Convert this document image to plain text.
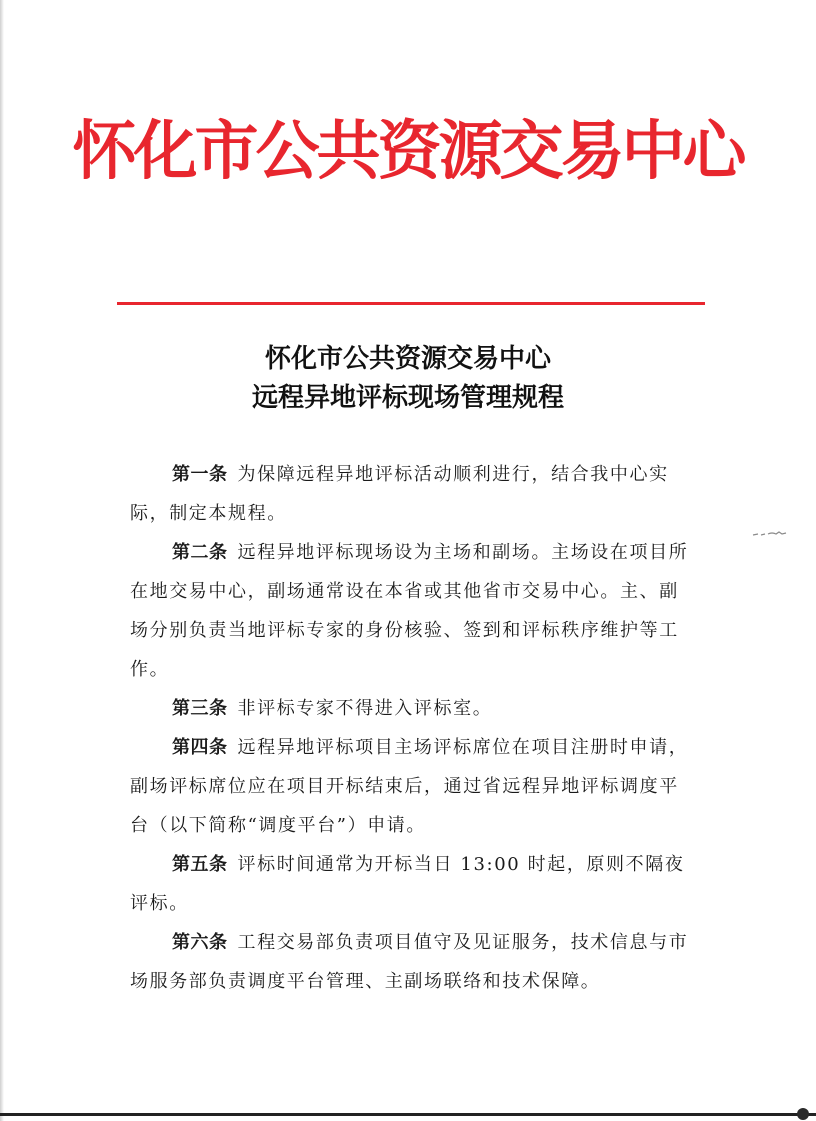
怀化市公共资源交易中心
怀化市公共资源交易中心
远程异地评标现场管理规程

第一条 为保障远程异地评标活动顺利进行，结合我中心实际，制定本规程。

第二条 远程异地评标现场设为主场和副场。主场设在项目所在地交易中心，副场通常设在本省或其他省市交易中心。主、副场分别负责当地评标专家的身份核验、签到和评标秩序维护等工作。

第三条 非评标专家不得进入评标室。

第四条 远程异地评标项目主场评标席位在项目注册时申请，副场评标席位应在项目开标结束后，通过省远程异地评标调度平台（以下简称“调度平台”）申请。

第五条 评标时间通常为开标当日 13:00 时起，原则不隔夜评标。

第六条 工程交易部负责项目值守及见证服务，技术信息与市场服务部负责调度平台管理、主副场联络和技术保障。
